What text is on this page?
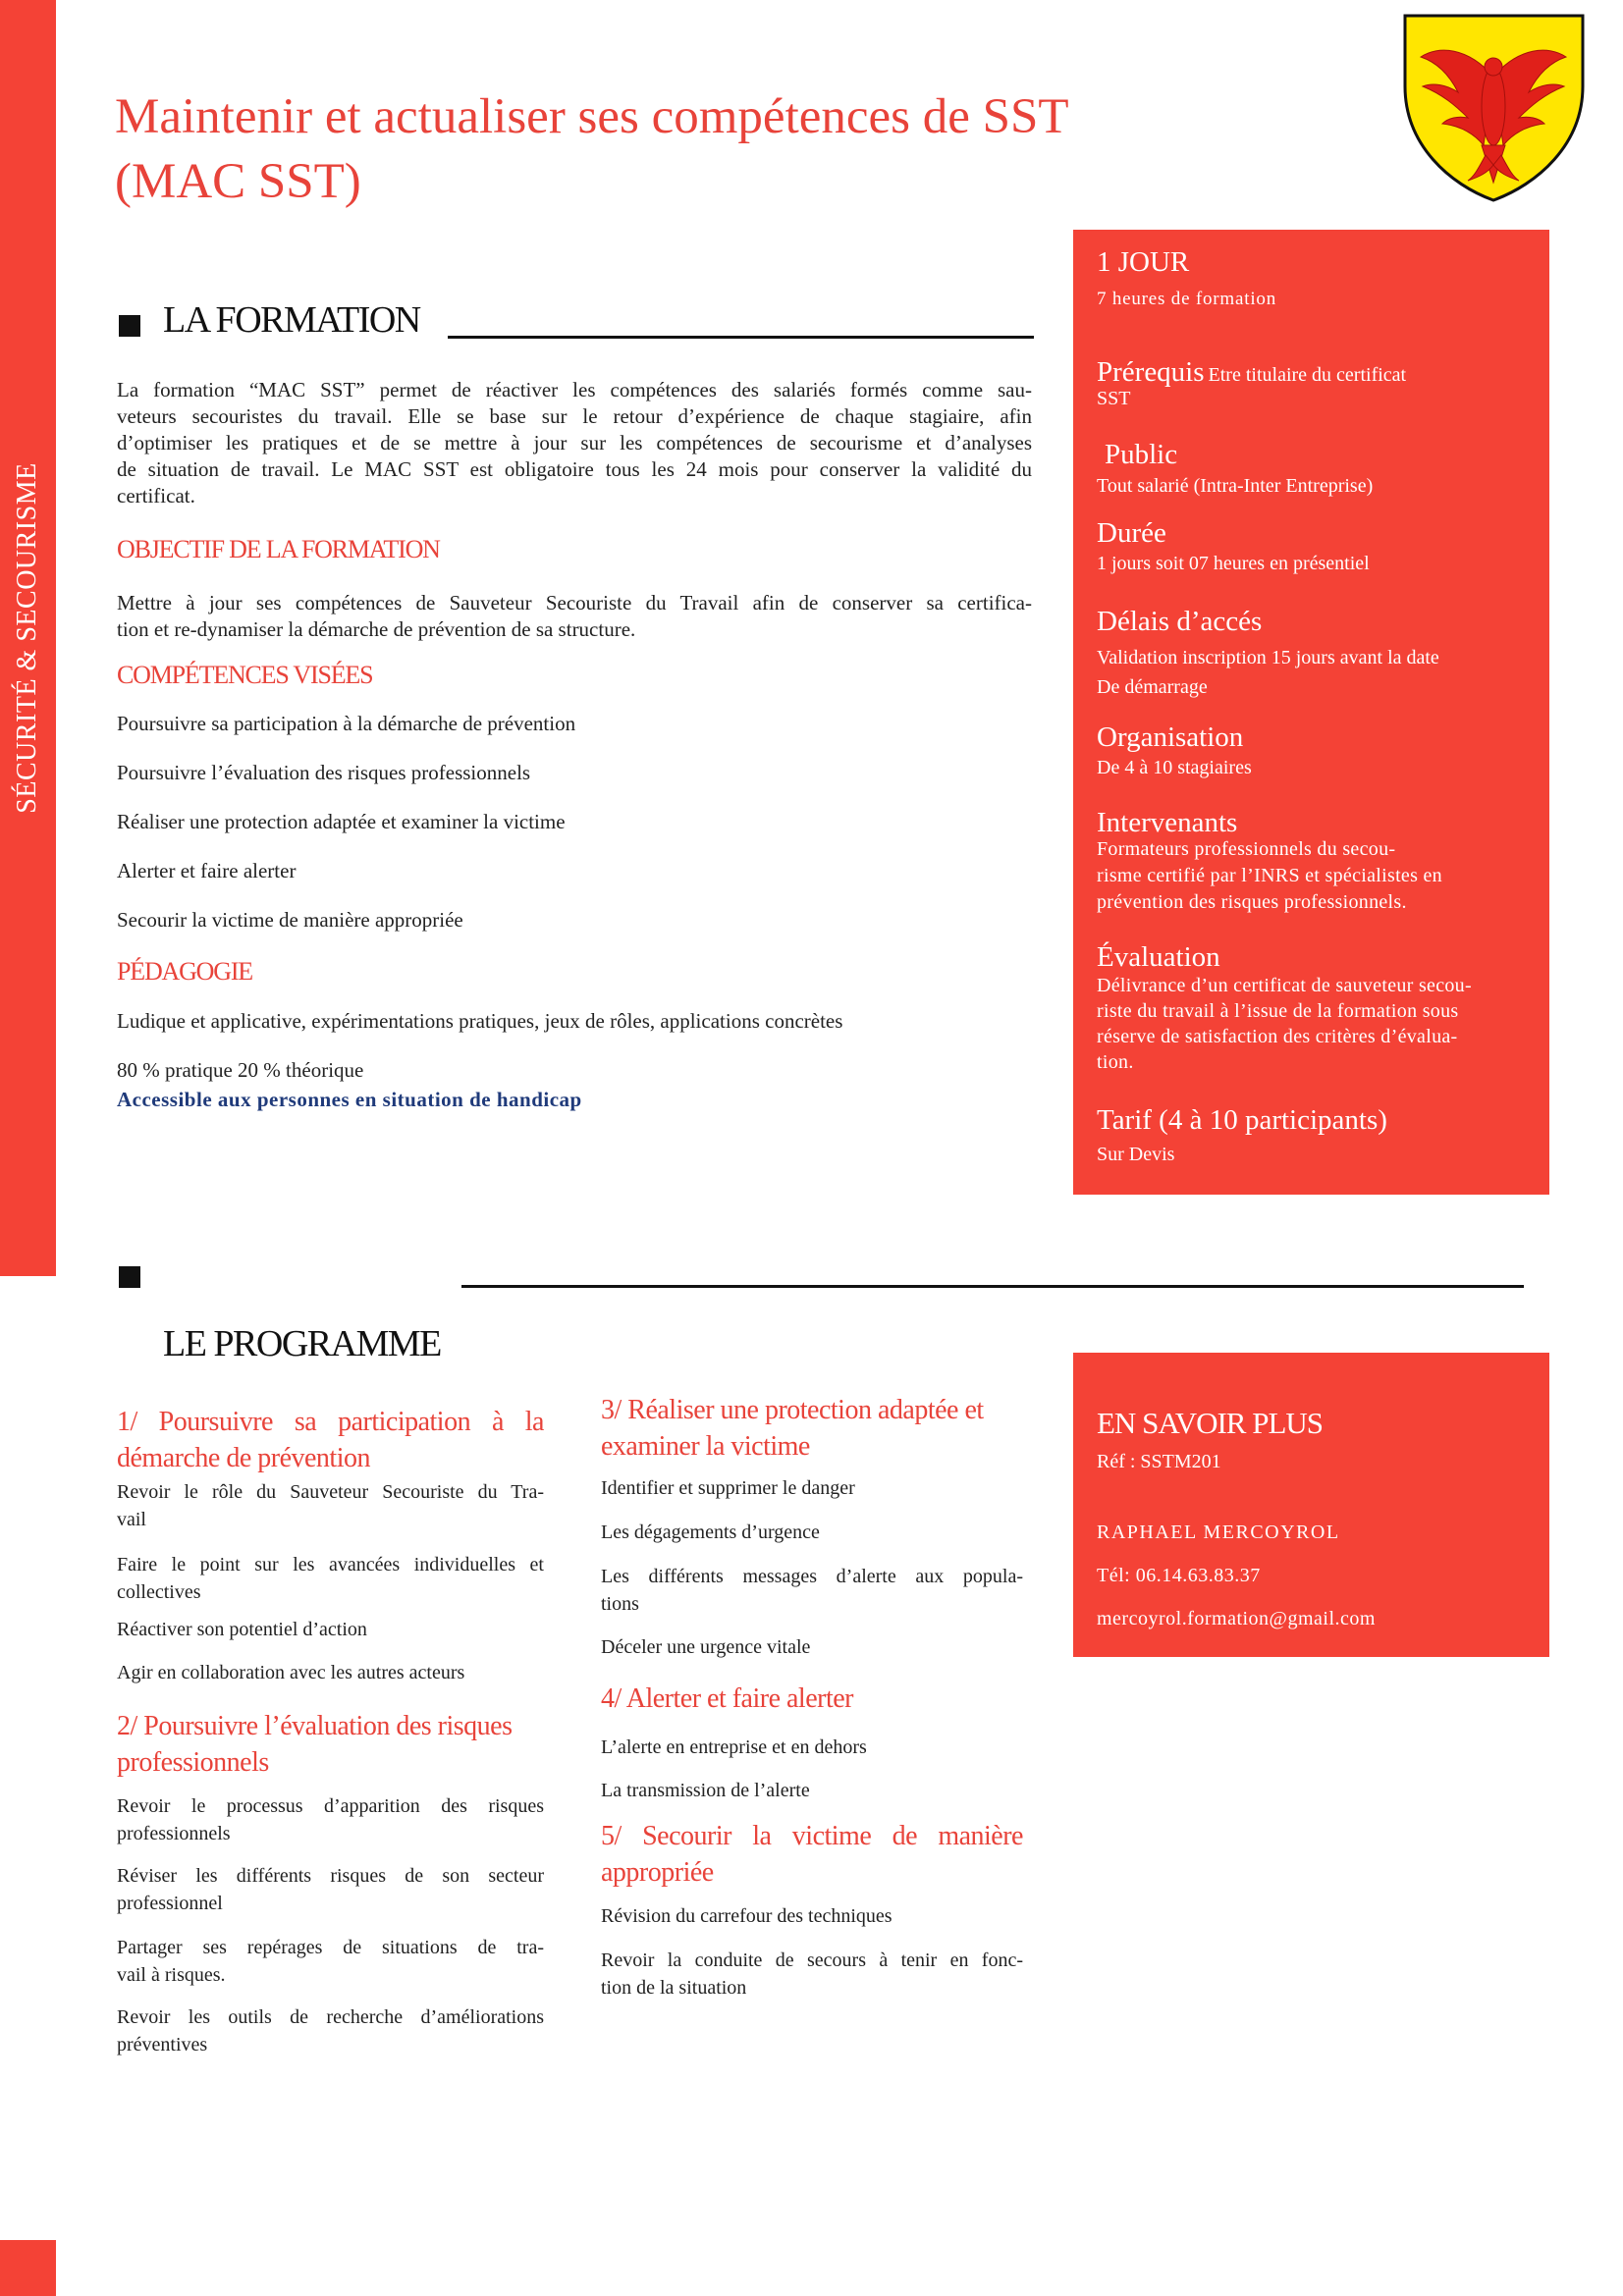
SÉCURITÉ & SECOURISME
Maintenir et actualiser ses compétences de SST
(MAC SST)
LA FORMATION
La formation “MAC SST” permet de réactiver les compétences des salariés formés comme sau-
veteurs secouristes du travail. Elle se base sur le retour d’expérience de chaque stagiaire, afin
d’optimiser les pratiques et de se mettre à jour sur les compétences de secourisme et d’analyses
de situation de travail. Le MAC SST est obligatoire tous les 24 mois pour conserver la validité du
certificat.
OBJECTIF DE LA FORMATION
Mettre à jour ses compétences de Sauveteur Secouriste du Travail afin de conserver sa certifica-
tion et re-dynamiser la démarche de prévention de sa structure.
COMPÉTENCES VISÉES
Poursuivre sa participation à la démarche de prévention
Poursuivre l’évaluation des risques professionnels
Réaliser une protection adaptée et examiner la victime
Alerter et faire alerter
Secourir la victime de manière appropriée
PÉDAGOGIE
Ludique et applicative, expérimentations pratiques, jeux de rôles, applications concrètes
80 % pratique 20 % théorique
Accessible aux personnes en situation de handicap
1 JOUR
7 heures de formation
Prérequis Etre titulaire du certificat
SST
Public
Tout salarié (Intra-Inter Entreprise)
Durée
1 jours soit 07 heures en présentiel
Délais d’accés
Validation inscription 15 jours avant la date
De démarrage
Organisation
De 4 à 10 stagiaires
Intervenants
Formateurs professionnels du secou-
risme certifié par l’INRS et spécialistes en
prévention des risques professionnels.
Évaluation
Délivrance d’un certificat de sauveteur secou-
riste du travail à l’issue de la formation sous
réserve de satisfaction des critères d’évalua-
tion.
Tarif (4 à 10 participants)
Sur Devis
LE PROGRAMME
1/ Poursuivre sa participation à la
démarche de prévention
Revoir le rôle du Sauveteur Secouriste du Tra-
vail
Faire le point sur les avancées individuelles et
collectives
Réactiver son potentiel d’action
Agir en collaboration avec les autres acteurs
2/ Poursuivre l’évaluation des risques
professionnels
Revoir le processus d’apparition des risques
professionnels
Réviser les différents risques de son secteur
professionnel
Partager ses repérages de situations de tra-
vail à risques.
Revoir les outils de recherche d’améliorations
préventives
3/ Réaliser une protection adaptée et
examiner la victime
Identifier et supprimer le danger
Les dégagements d’urgence
Les différents messages d’alerte aux popula-
tions
Déceler une urgence vitale
4/ Alerter et faire alerter
L’alerte en entreprise et en dehors
La transmission de l’alerte
5/ Secourir la victime de manière
appropriée
Révision du carrefour des techniques
Revoir la conduite de secours à tenir en fonc-
tion de la situation
EN SAVOIR PLUS
Réf : SSTM201
RAPHAEL MERCOYROL
Tél: 06.14.63.83.37
mercoyrol.formation@gmail.com
